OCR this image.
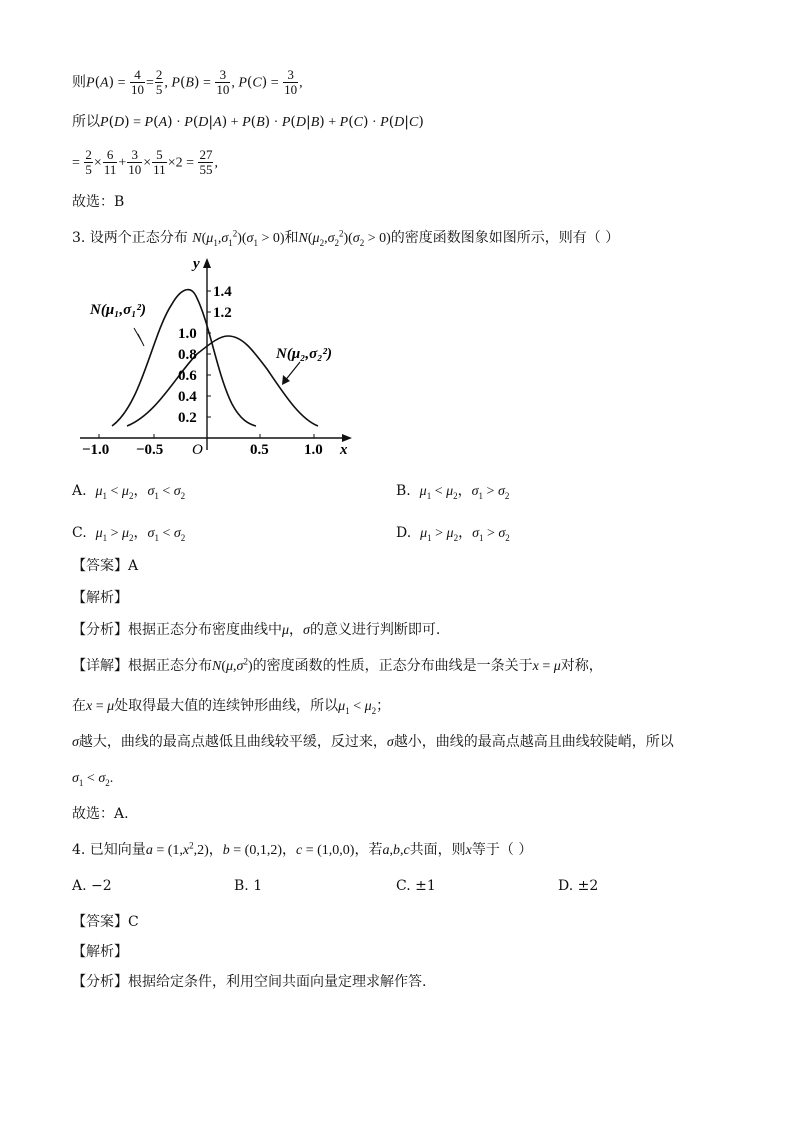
则$P(A) = \frac{4}{10} = \frac{2}{5}$ , $P(B) = \frac{3}{10}$ , $P(C) = \frac{3}{10}$ ,
所以P(D) = P(A) · P(D|A) + P(B) · P(D|B) + P(C) · P(D|C)
= $\frac{2}{5} \times \frac{6}{11} + \frac{3}{10} \times \frac{5}{11} \times 2 = \frac{27}{55}$ ,
故选：B
3. 设两个正态分布 $N(\mu_1,\sigma_1^2)(\sigma_1 > 0)$和$N(\mu_2,\sigma_2^2)(\sigma_2 > 0)$的密度函数图象如图所示，则有（ ）
y
x
O
1.4
1.2
1.0
0.8
0.6
0.4
0.2
−1.0 −0.5	0.5 1.0
N(μ₁,σ₁²)
N(μ₂,σ₂²)
A. $\mu_1 < \mu_2$，$\sigma_1 < \sigma_2$	B. $\mu_1 < \mu_2$，$\sigma_1 > \sigma_2$
C. $\mu_1 > \mu_2$，$\sigma_1 < \sigma_2$	D. $\mu_1 > \mu_2$，$\sigma_1 > \sigma_2$
【答案】A
【解析】
【分析】根据正态分布密度曲线中μ，σ的意义进行判断即可.
【详解】根据正态分布$N(\mu,\sigma^2)$的密度函数的性质，正态分布曲线是一条关于x = μ对称，
在x = μ处取得最大值的连续钟形曲线，所以$\mu_1 < \mu_2$；
σ越大，曲线的最高点越低且曲线较平缓，反过来，σ越小，曲线的最高点越高且曲线较陡峭，所以
$\sigma_1 < \sigma_2$.
故选：A.
4. 已知向量$a = (1,x^2,2)$，b = (0,1,2)，c = (1,0,0)，若a,b,c共面，则x等于（ ）
A. −2	B. 1	C. ±1	D. ±2
【答案】C
【解析】
【分析】根据给定条件，利用空间共面向量定理求解作答.
